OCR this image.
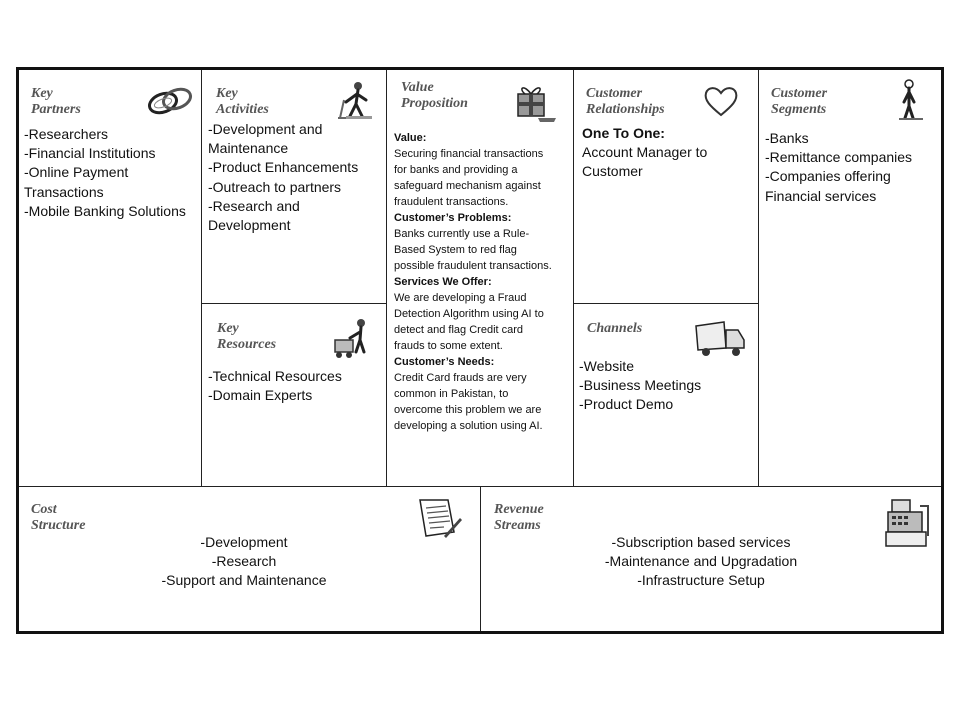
Key
Partners
-Researchers
-Financial Institutions
-Online Payment Transactions
-Mobile Banking Solutions
Key
Activities
-Development and Maintenance
-Product Enhancements
-Outreach to partners
-Research and Development
Key
Resources
-Technical Resources
-Domain Experts
Value
Proposition
Value:
Securing financial transactions for banks and providing a safeguard mechanism against fraudulent transactions.
Customer’s Problems:
Banks currently use a Rule-Based System to red flag possible fraudulent transactions.
Services We Offer:
We are developing a Fraud Detection Algorithm using AI to detect and flag Credit card frauds to some extent.
Customer’s Needs:
Credit Card frauds are very common in Pakistan, to overcome this problem we are developing a solution using AI.
Customer
Relationships
One To One:
Account Manager to Customer
Channels
-Website
-Business Meetings
-Product Demo
Customer
Segments
-Banks
-Remittance companies
-Companies offering Financial services
Cost
Structure
-Development
-Research
-Support and Maintenance
Revenue
Streams
-Subscription based services
-Maintenance and Upgradation
-Infrastructure Setup
